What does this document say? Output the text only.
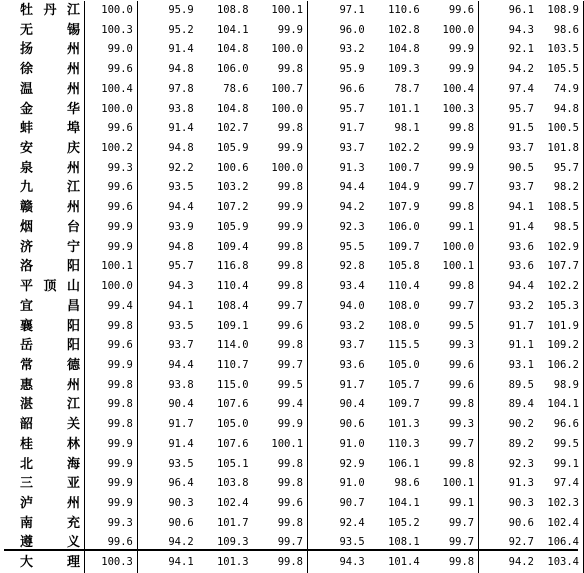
牡 丹 江	100.0	95.9	108.8	100.1	97.1	110.6	99.6	96.1	108.9

无 锡	100.3	95.2	104.1	99.9	96.0	102.8	100.0	94.3	98.6

扬 州	99.0	91.4	104.8	100.0	93.2	104.8	99.9	92.1	103.5

徐 州	99.6	94.8	106.0	99.8	95.9	109.3	99.9	94.2	105.5

温 州	100.4	97.8	78.6	100.7	96.6	78.7	100.4	97.4	74.9

金 华	100.0	93.8	104.8	100.0	95.7	101.1	100.3	95.7	94.8

蚌 埠	99.6	91.4	102.7	99.8	91.7	98.1	99.8	91.5	100.5

安 庆	100.2	94.8	105.9	99.9	93.7	102.2	99.9	93.7	101.8

泉 州	99.3	92.2	100.6	100.0	91.3	100.7	99.9	90.5	95.7

九 江	99.6	93.5	103.2	99.8	94.4	104.9	99.7	93.7	98.2

赣 州	99.6	94.4	107.2	99.9	94.2	107.9	99.8	94.1	108.5

烟 台	99.9	93.9	105.9	99.9	92.3	106.0	99.1	91.4	98.5

济 宁	99.9	94.8	109.4	99.8	95.5	109.7	100.0	93.6	102.9

洛 阳	100.1	95.7	116.8	99.8	92.8	105.8	100.1	93.6	107.7

平 顶 山	100.0	94.3	110.4	99.8	93.4	110.4	99.8	94.4	102.2

宜 昌	99.4	94.1	108.4	99.7	94.0	108.0	99.7	93.2	105.3

襄 阳	99.8	93.5	109.1	99.6	93.2	108.0	99.5	91.7	101.9

岳 阳	99.6	93.7	114.0	99.8	93.7	115.5	99.3	91.1	109.2

常 德	99.9	94.4	110.7	99.7	93.6	105.0	99.6	93.1	106.2

惠 州	99.8	93.8	115.0	99.5	91.7	105.7	99.6	89.5	98.9

湛 江	99.8	90.4	107.6	99.4	90.4	109.7	99.8	89.4	104.1

韶 关	99.8	91.7	105.0	99.9	90.6	101.3	99.3	90.2	96.6

桂 林	99.9	91.4	107.6	100.1	91.0	110.3	99.7	89.2	99.5

北 海	99.9	93.5	105.1	99.8	92.9	106.1	99.8	92.3	99.1

三 亚	99.9	96.4	103.8	99.8	91.0	98.6	100.1	91.3	97.4

泸 州	99.9	90.3	102.4	99.6	90.7	104.1	99.1	90.3	102.3

南 充	99.3	90.6	101.7	99.8	92.4	105.2	99.7	90.6	102.4

遵 义	99.6	94.2	109.3	99.7	93.5	108.1	99.7	92.7	106.4

大 理	100.3	94.1	101.3	99.8	94.3	101.4	99.8	94.2	103.4
